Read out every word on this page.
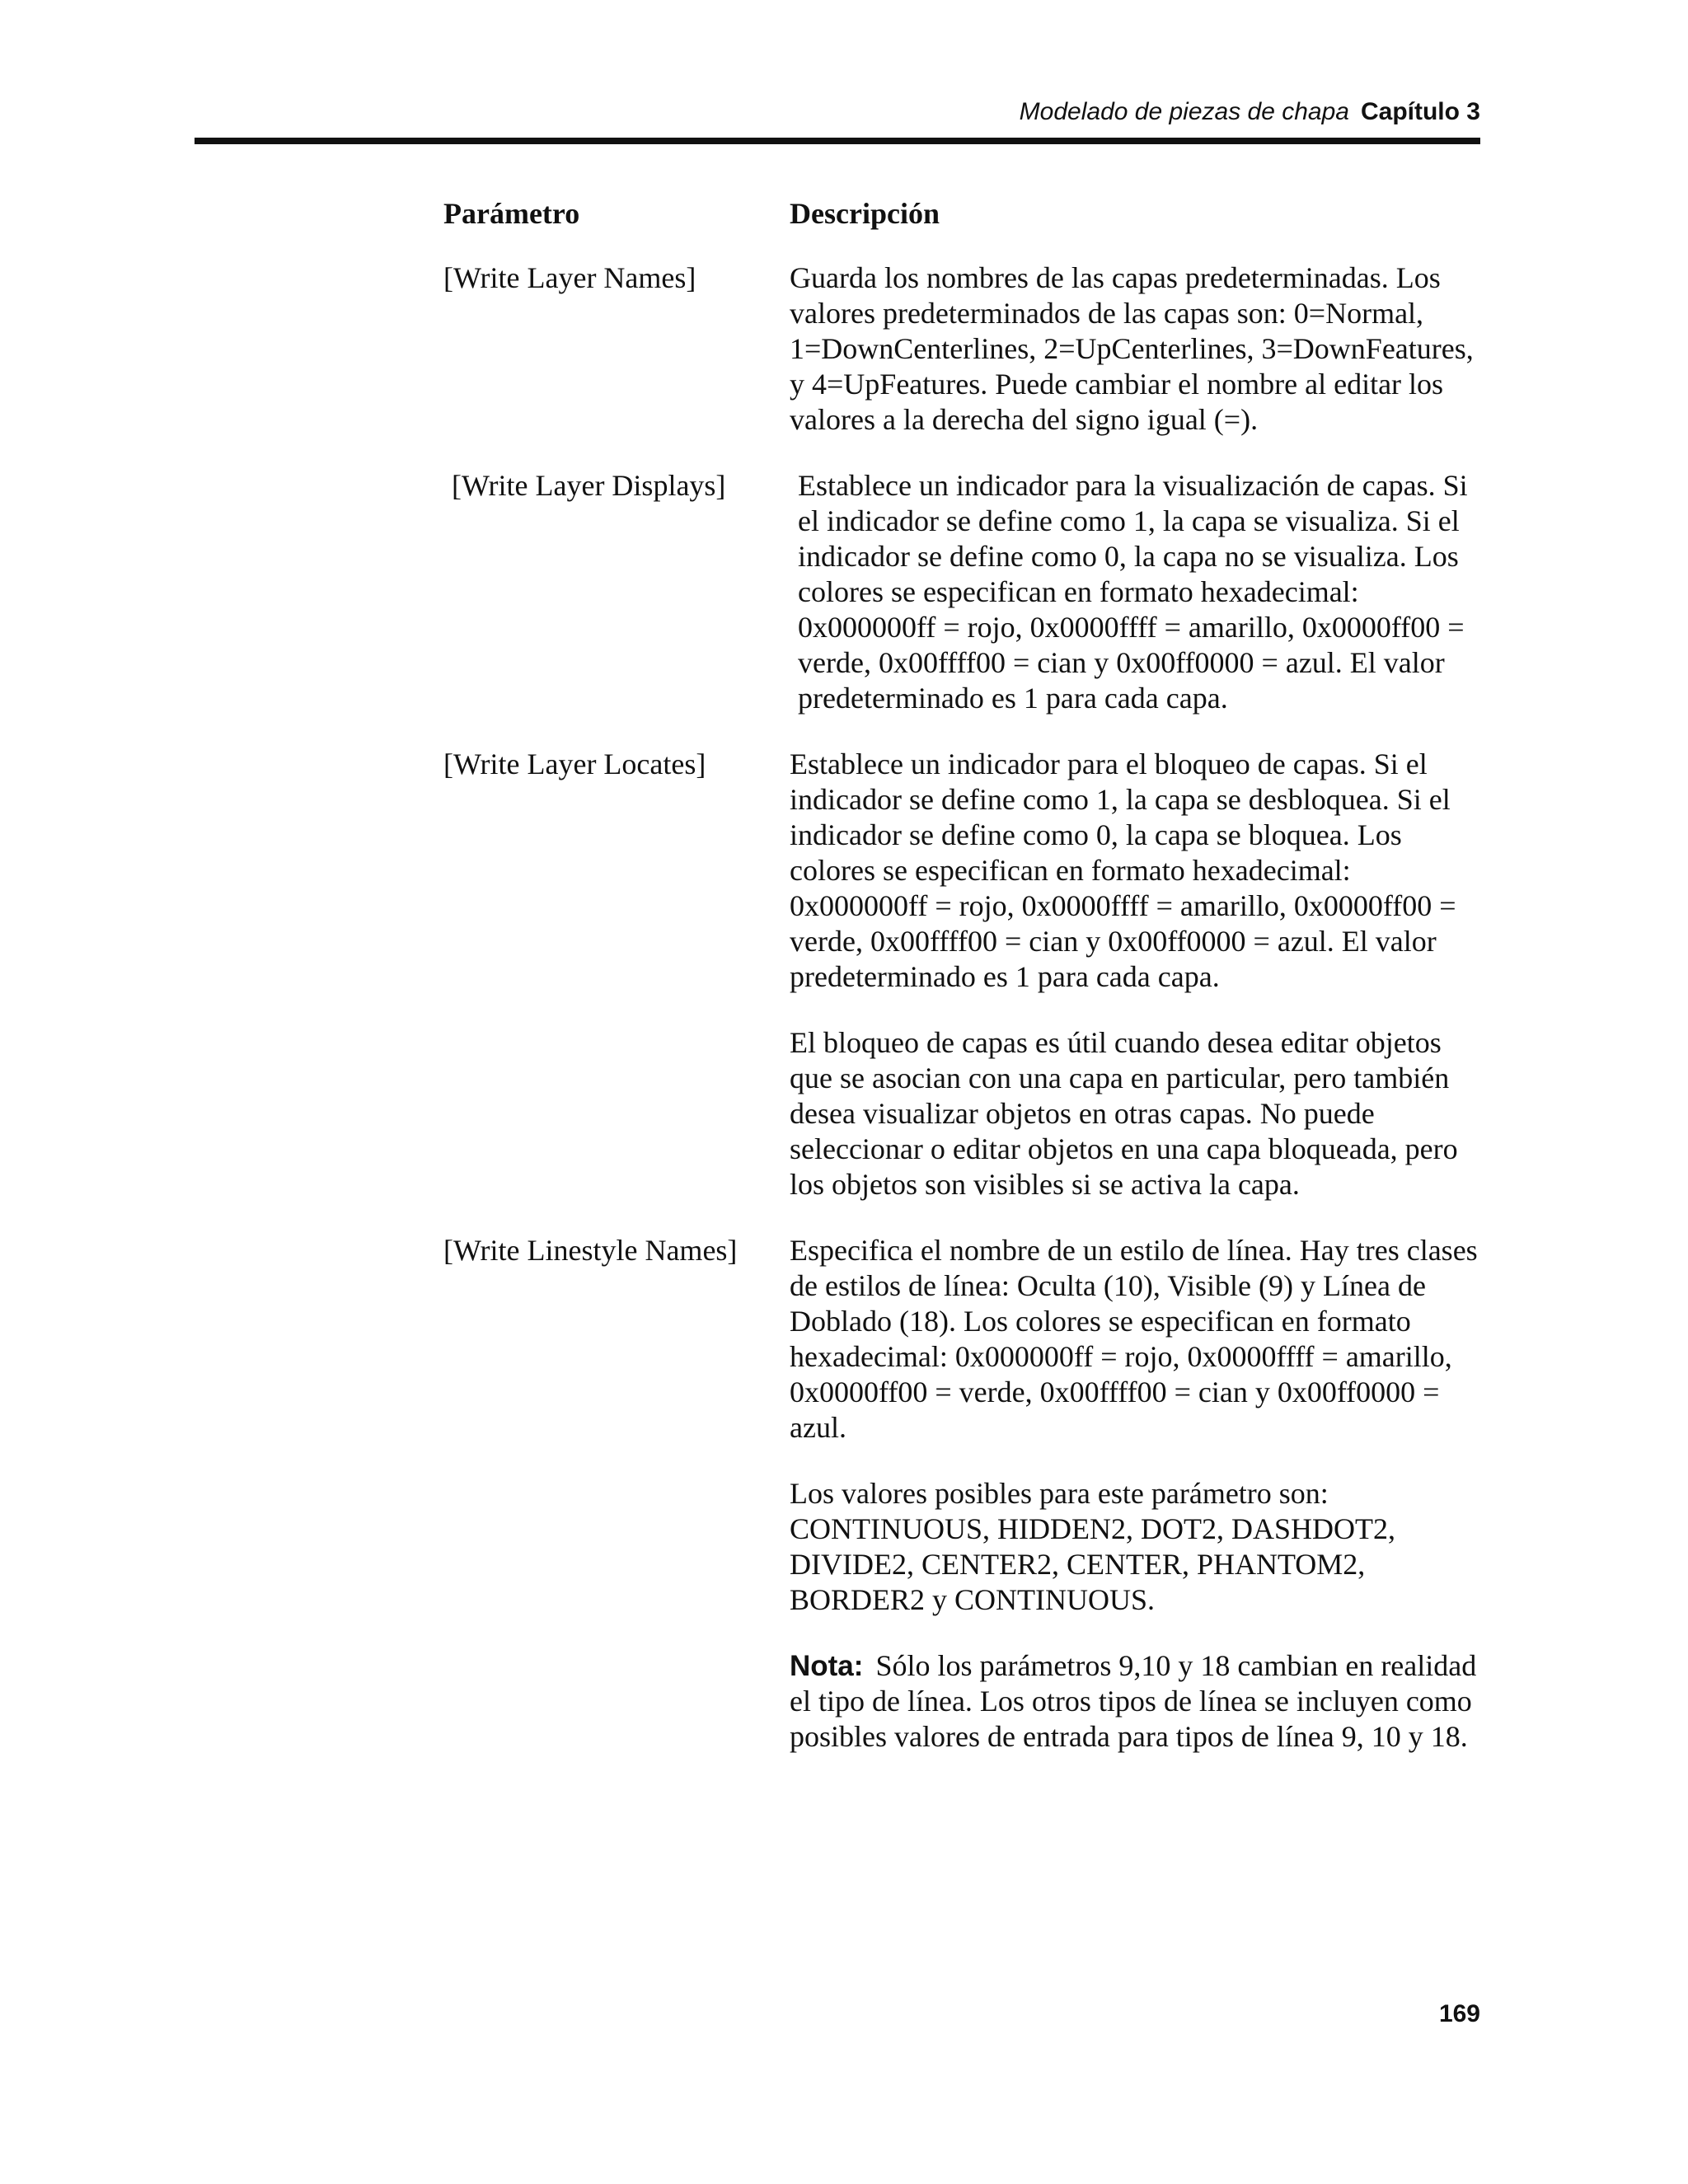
Modelado de piezas de chapa Capítulo 3
Parámetro	Descripción
[Write Layer Names]	Guarda los nombres de las capas predeterminadas. Los valores predeterminados de las capas son: 0=Normal, 1=DownCenterlines, 2=UpCenterlines, 3=DownFeatures, y 4=UpFeatures. Puede cambiar el nombre al editar los valores a la derecha del signo igual (=).

[Write Layer Displays]	Establece un indicador para la visualización de capas. Si el indicador se define como 1, la capa se visualiza. Si el indicador se define como 0, la capa no se visualiza. Los colores se especifican en formato hexadecimal: 0x000000ff = rojo, 0x0000ffff = amarillo, 0x0000ff00 = verde, 0x00ffff00 = cian y 0x00ff0000 = azul. El valor predeterminado es 1 para cada capa.

[Write Layer Locates]	Establece un indicador para el bloqueo de capas. Si el indicador se define como 1, la capa se desbloquea. Si el indicador se define como 0, la capa se bloquea. Los colores se especifican en formato hexadecimal: 0x000000ff = rojo, 0x0000ffff = amarillo, 0x0000ff00 = verde, 0x00ffff00 = cian y 0x00ff0000 = azul. El valor predeterminado es 1 para cada capa.

El bloqueo de capas es útil cuando desea editar objetos que se asocian con una capa en particular, pero también desea visualizar objetos en otras capas. No puede seleccionar o editar objetos en una capa bloqueada, pero los objetos son visibles si se activa la capa.

[Write Linestyle Names]	Especifica el nombre de un estilo de línea. Hay tres clases de estilos de línea: Oculta (10), Visible (9) y Línea de Doblado (18). Los colores se especifican en formato hexadecimal: 0x000000ff = rojo, 0x0000ffff = amarillo, 0x0000ff00 = verde, 0x00ffff00 = cian y 0x00ff0000 = azul.

Los valores posibles para este parámetro son: CONTINUOUS, HIDDEN2, DOT2, DASHDOT2, DIVIDE2, CENTER2, CENTER, PHANTOM2, BORDER2 y CONTINUOUS.

Nota: Sólo los parámetros 9,10 y 18 cambian en realidad el tipo de línea. Los otros tipos de línea se incluyen como posibles valores de entrada para tipos de línea 9, 10 y 18.

169
